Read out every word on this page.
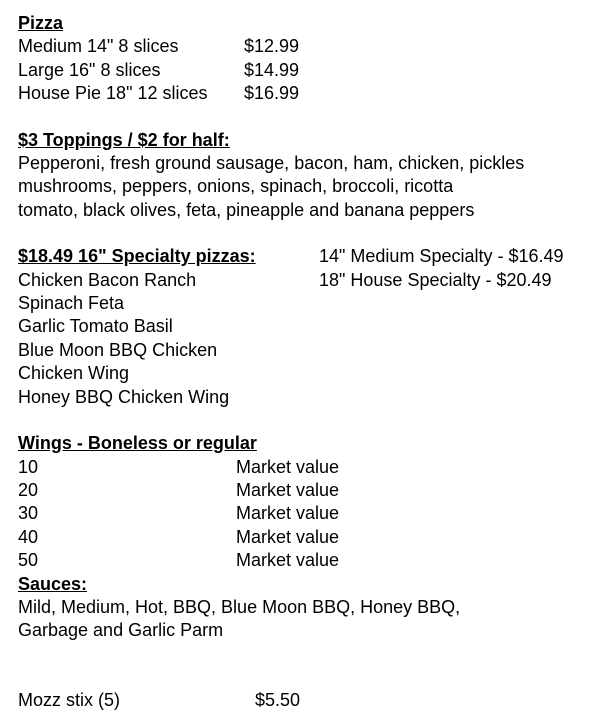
Pizza
Medium 14" 8 slices	$12.99
Large 16" 8 slices	$14.99
House Pie 18" 12 slices	$16.99
$3 Toppings / $2 for half:
Pepperoni, fresh ground sausage, bacon, ham, chicken, pickles
mushrooms, peppers, onions, spinach, broccoli, ricotta
tomato, black olives, feta, pineapple and banana peppers
$18.49 16" Specialty pizzas:
Chicken Bacon Ranch
Spinach Feta
Garlic Tomato Basil
Blue Moon BBQ Chicken
Chicken Wing
Honey BBQ Chicken Wing
14" Medium Specialty - $16.49
18" House Specialty - $20.49
Wings - Boneless or regular
10	Market value
20	Market value
30	Market value
40	Market value
50	Market value
Sauces:
Mild, Medium, Hot, BBQ, Blue Moon BBQ, Honey BBQ,
Garbage and Garlic Parm
Mozz stix (5)	$5.50
